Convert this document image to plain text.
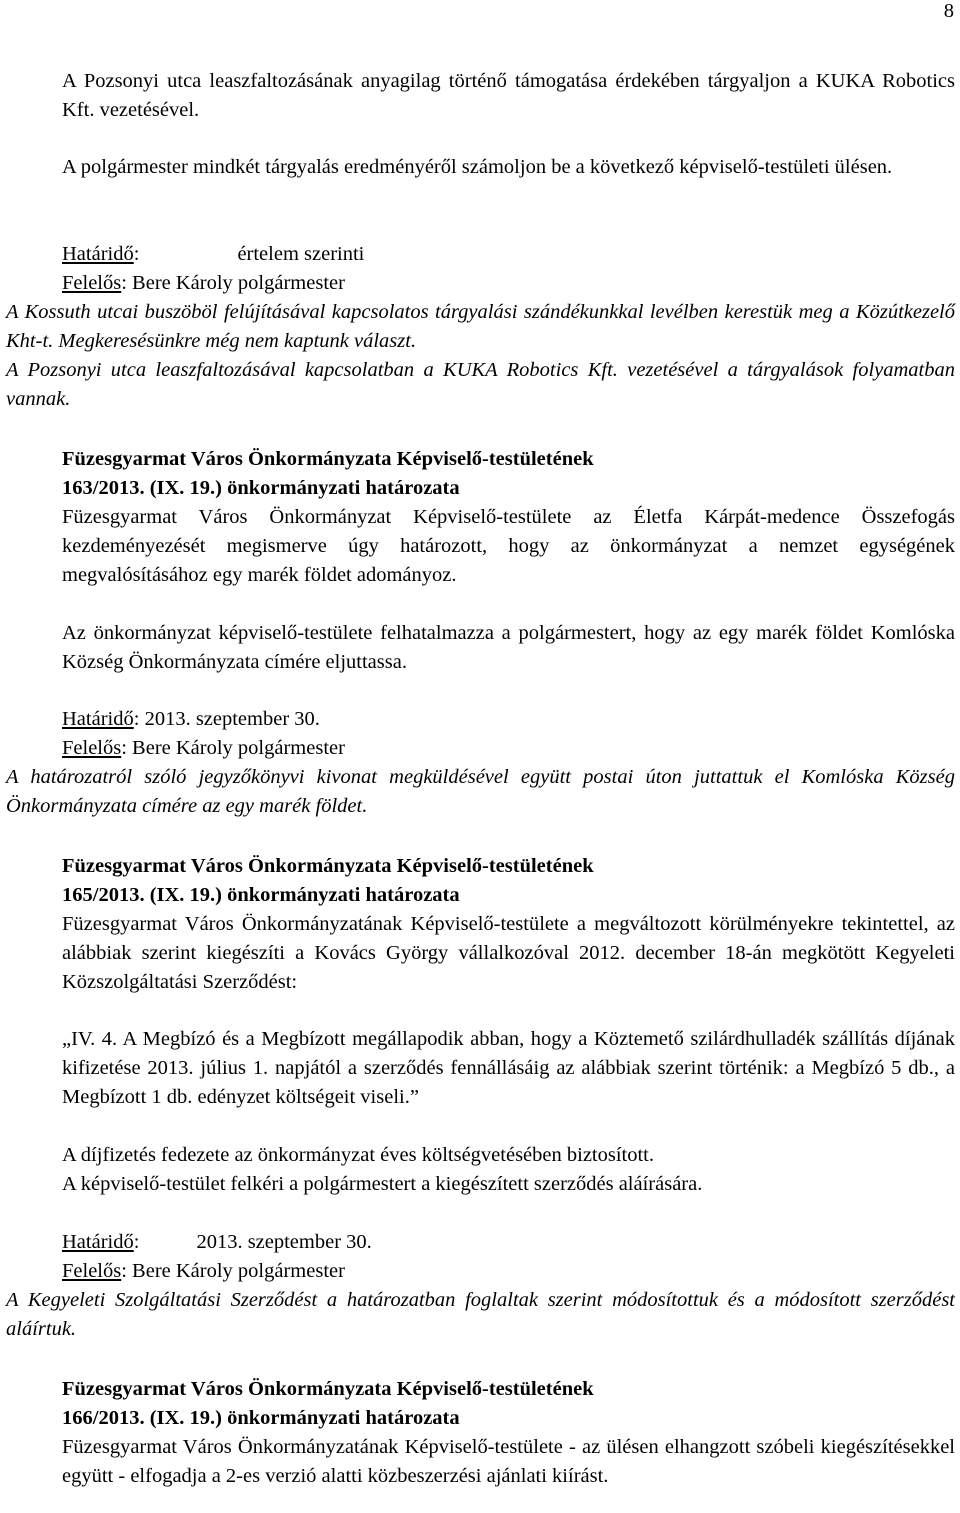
8

A Pozsonyi utca leaszfaltozásának anyagilag történő támogatása érdekében tárgyaljon a KUKA Robotics Kft. vezetésével.

A polgármester mindkét tárgyalás eredményéről számoljon be a következő képviselő-testületi ülésen.

Határidő:	értelem szerinti
Felelős: Bere Károly polgármester

A Kossuth utcai buszöböl felújításával kapcsolatos tárgyalási szándékunkkal levélben kerestük meg a Közútkezelő Kht-t. Megkeresésünkre még nem kaptunk választ.

A Pozsonyi utca leaszfaltozásával kapcsolatban a KUKA Robotics Kft. vezetésével a tárgyalások folyamatban vannak.

Füzesgyarmat Város Önkormányzata Képviselő-testületének
163/2013. (IX. 19.) önkormányzati határozata

Füzesgyarmat Város Önkormányzat Képviselő-testülete az Életfa Kárpát-medence Összefogás kezdeményezését megismerve úgy határozott, hogy az önkormányzat a nemzet egységének megvalósításához egy marék földet adományoz.

Az önkormányzat képviselő-testülete felhatalmazza a polgármestert, hogy az egy marék földet Komlóska Község Önkormányzata címére eljuttassa.

Határidő: 2013. szeptember 30.
Felelős: Bere Károly polgármester

A határozatról szóló jegyzőkönyvi kivonat megküldésével együtt postai úton juttattuk el Komlóska Község Önkormányzata címére az egy marék földet.

Füzesgyarmat Város Önkormányzata Képviselő-testületének
165/2013. (IX. 19.) önkormányzati határozata

Füzesgyarmat Város Önkormányzatának Képviselő-testülete a megváltozott körülményekre tekintettel, az alábbiak szerint kiegészíti a Kovács György vállalkozóval 2012. december 18-án megkötött Kegyeleti Közszolgáltatási Szerződést:

„IV. 4. A Megbízó és a Megbízott megállapodik abban, hogy a Köztemető szilárdhulladék szállítás díjának kifizetése 2013. július 1. napjától a szerződés fennállásáig az alábbiak szerint történik: a Megbízó 5 db., a Megbízott 1 db. edényzet költségeit viseli.”

A díjfizetés fedezete az önkormányzat éves költségvetésében biztosított.

A képviselő-testület felkéri a polgármestert a kiegészített szerződés aláírására.

Határidő:	2013. szeptember 30.
Felelős: Bere Károly polgármester

A Kegyeleti Szolgáltatási Szerződést a határozatban foglaltak szerint módosítottuk és a módosított szerződést aláírtuk.

Füzesgyarmat Város Önkormányzata Képviselő-testületének
166/2013. (IX. 19.) önkormányzati határozata

Füzesgyarmat Város Önkormányzatának Képviselő-testülete - az ülésen elhangzott szóbeli kiegészítésekkel együtt - elfogadja a 2-es verzió alatti közbeszerzési ajánlati kiírást.
